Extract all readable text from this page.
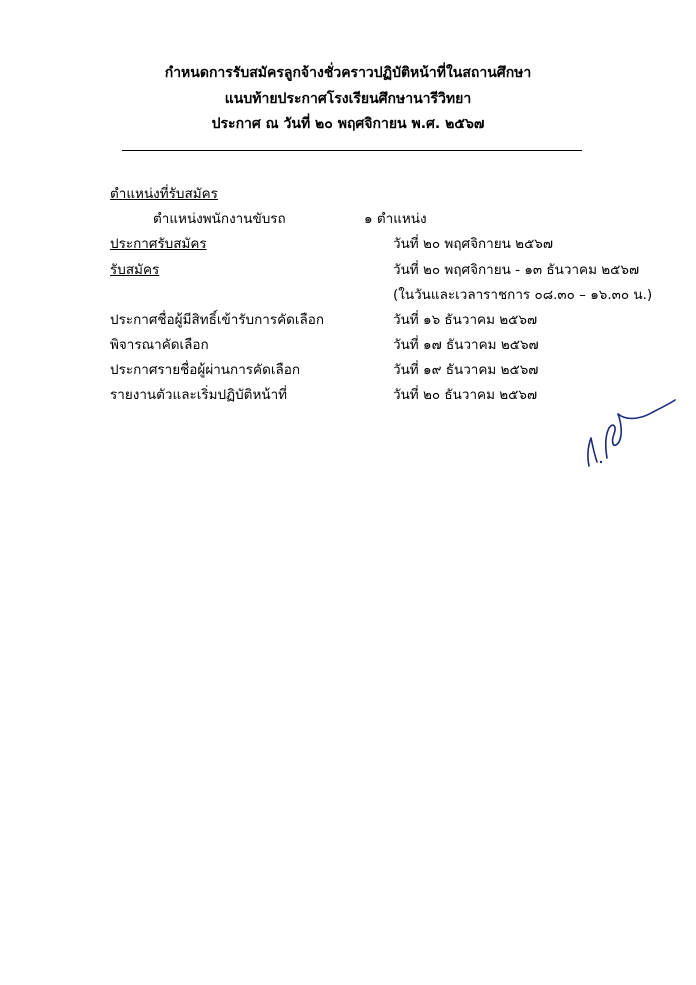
กำหนดการรับสมัครลูกจ้างชั่วคราวปฏิบัติหน้าที่ในสถานศึกษา
แนบท้ายประกาศโรงเรียนศึกษานารีวิทยา
ประกาศ ณ วันที่ ๒๐ พฤศจิกายน พ.ศ. ๒๕๖๗
ตำแหน่งที่รับสมัคร
ตำแหน่งพนักงานขับรถ	๑ ตำแหน่ง
ประกาศรับสมัคร	วันที่ ๒๐ พฤศจิกายน ๒๕๖๗
รับสมัคร	วันที่ ๒๐ พฤศจิกายน - ๑๓ ธันวาคม ๒๕๖๗
(ในวันและเวลาราชการ ๐๘.๓๐ – ๑๖.๓๐ น.)
ประกาศชื่อผู้มีสิทธิ์เข้ารับการคัดเลือก	วันที่ ๑๖ ธันวาคม ๒๕๖๗
พิจารณาคัดเลือก	วันที่ ๑๗ ธันวาคม ๒๕๖๗
ประกาศรายชื่อผู้ผ่านการคัดเลือก	วันที่ ๑๙ ธันวาคม ๒๕๖๗
รายงานตัวและเริ่มปฏิบัติหน้าที่	วันที่ ๒๐ ธันวาคม ๒๕๖๗
